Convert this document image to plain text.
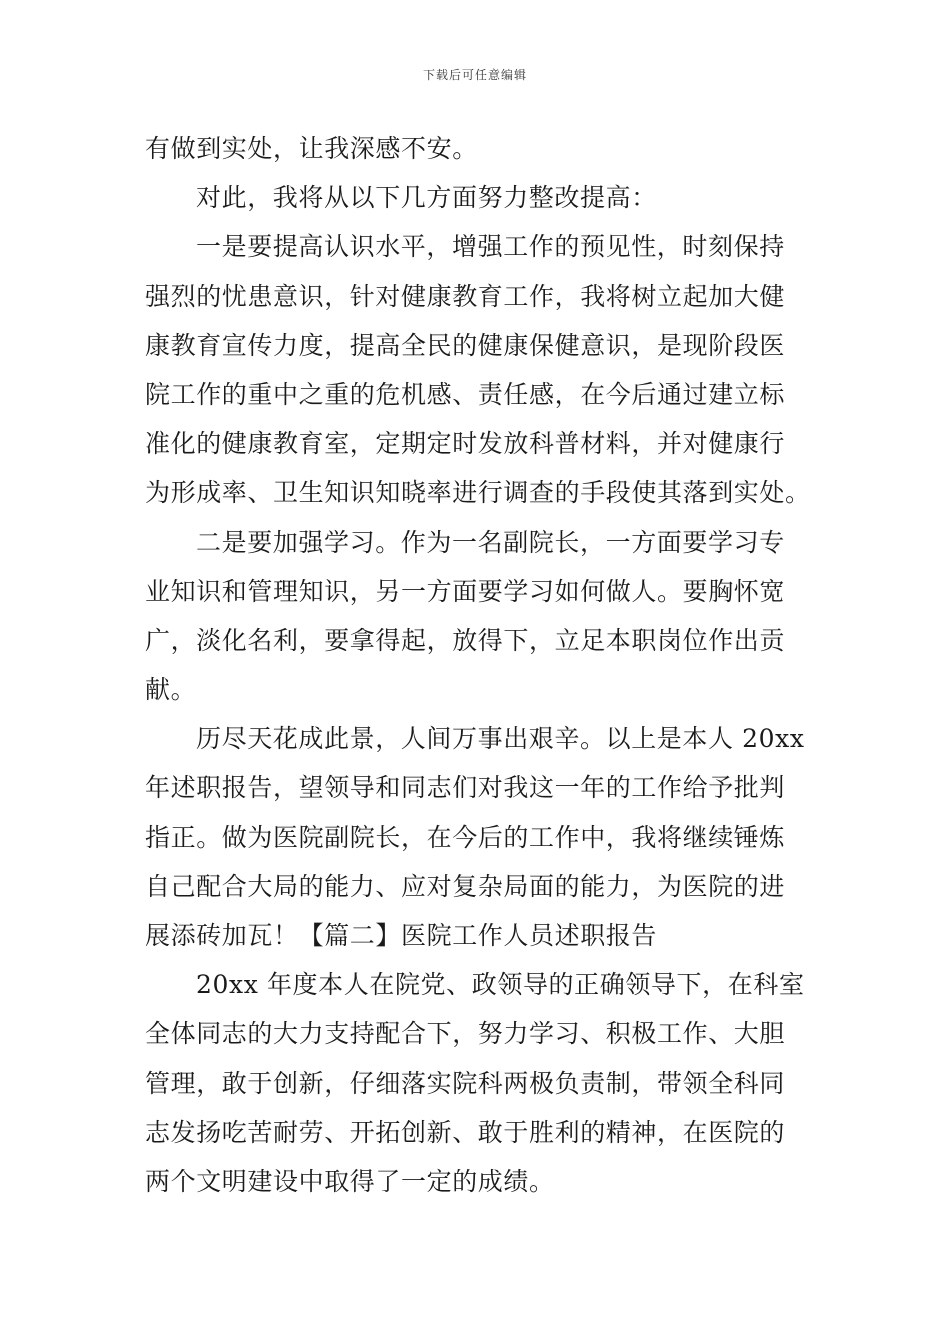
下载后可任意编辑
有做到实处，让我深感不安。
对此，我将从以下几方面努力整改提高：
一是要提高认识水平，增强工作的预见性，时刻保持
强烈的忧患意识，针对健康教育工作，我将树立起加大健
康教育宣传力度，提高全民的健康保健意识，是现阶段医
院工作的重中之重的危机感、责任感，在今后通过建立标
准化的健康教育室，定期定时发放科普材料，并对健康行
为形成率、卫生知识知晓率进行调查的手段使其落到实处。
二是要加强学习。作为一名副院长，一方面要学习专
业知识和管理知识，另一方面要学习如何做人。要胸怀宽
广，淡化名利，要拿得起，放得下，立足本职岗位作出贡
献。
历尽天花成此景，人间万事出艰辛。以上是本人 20xx
年述职报告，望领导和同志们对我这一年的工作给予批判
指正。做为医院副院长，在今后的工作中，我将继续锤炼
自己配合大局的能力、应对复杂局面的能力，为医院的进
展添砖加瓦！【篇二】医院工作人员述职报告
20xx 年度本人在院党、政领导的正确领导下，在科室
全体同志的大力支持配合下，努力学习、积极工作、大胆
管理，敢于创新，仔细落实院科两极负责制，带领全科同
志发扬吃苦耐劳、开拓创新、敢于胜利的精神，在医院的
两个文明建设中取得了一定的成绩。
